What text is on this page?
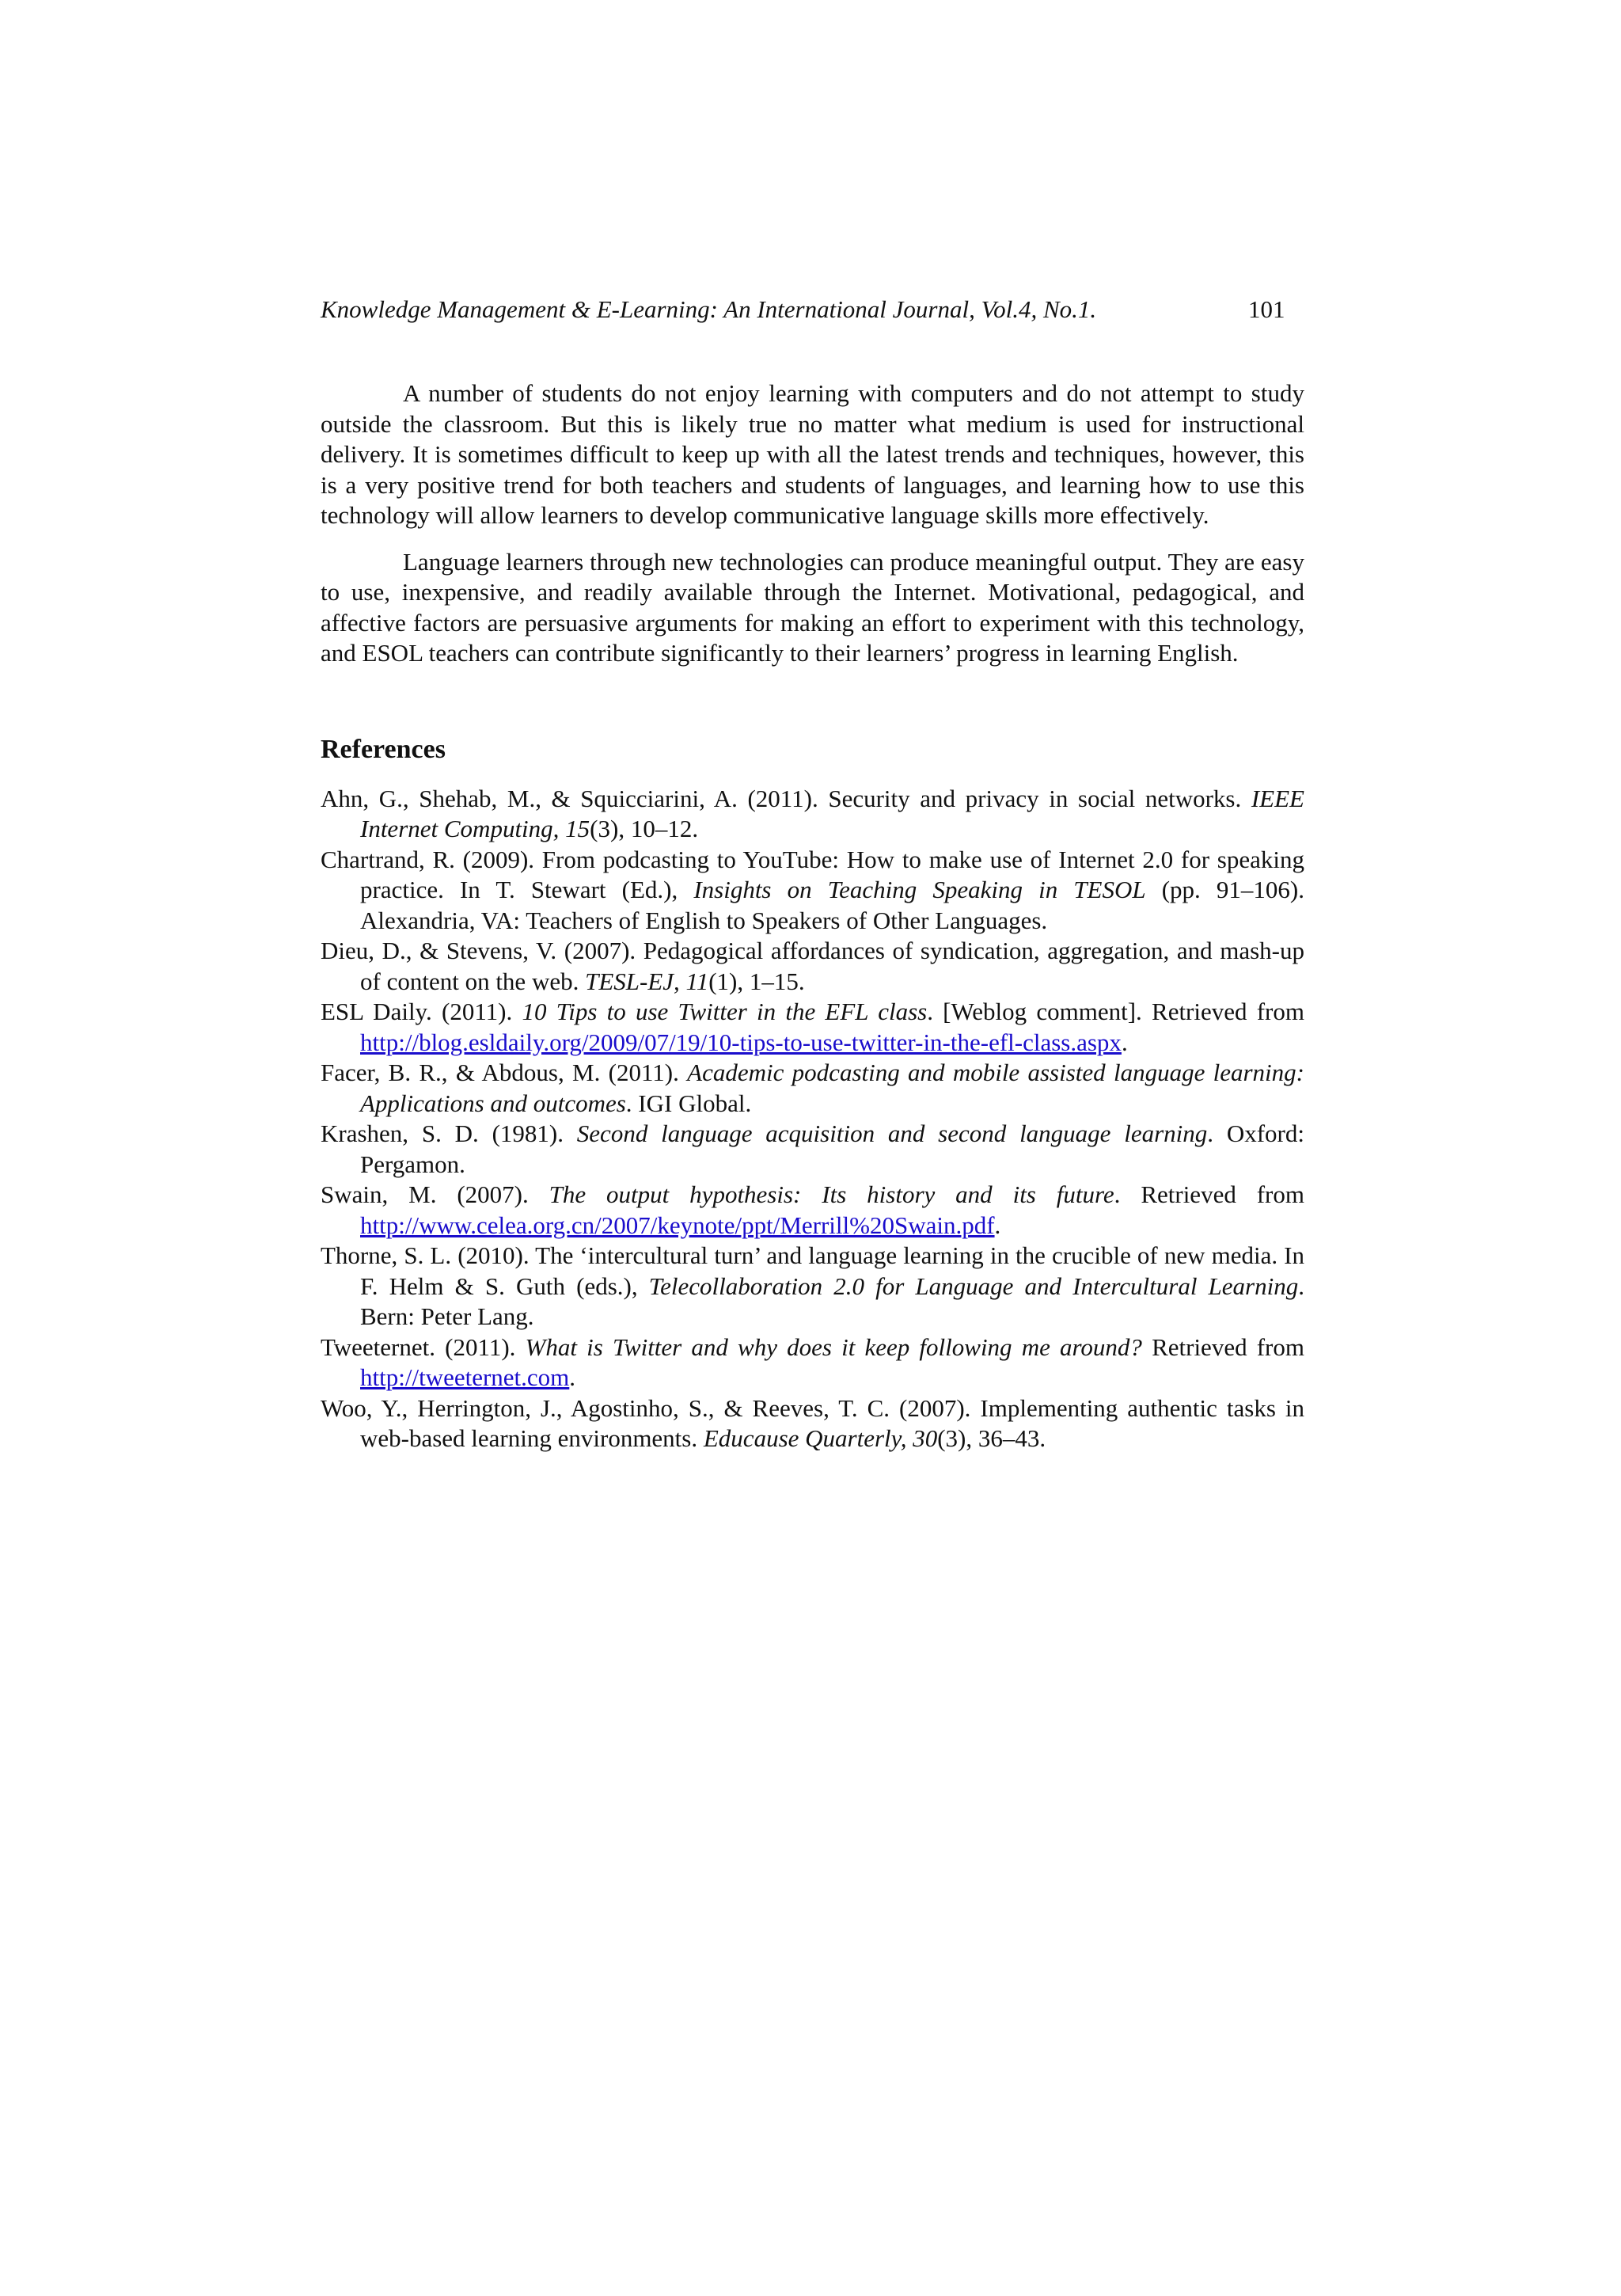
Knowledge Management & E-Learning: An International Journal, Vol.4, No.1.	101

A number of students do not enjoy learning with computers and do not attempt to study outside the classroom. But this is likely true no matter what medium is used for instructional delivery. It is sometimes difficult to keep up with all the latest trends and techniques, however, this is a very positive trend for both teachers and students of languages, and learning how to use this technology will allow learners to develop communicative language skills more effectively.

Language learners through new technologies can produce meaningful output. They are easy to use, inexpensive, and readily available through the Internet. Motivational, pedagogical, and affective factors are persuasive arguments for making an effort to experiment with this technology, and ESOL teachers can contribute significantly to their learners’ progress in learning English.

References

Ahn, G., Shehab, M., & Squicciarini, A. (2011). Security and privacy in social networks. IEEE Internet Computing, 15(3), 10–12.

Chartrand, R. (2009). From podcasting to YouTube: How to make use of Internet 2.0 for speaking practice. In T. Stewart (Ed.), Insights on Teaching Speaking in TESOL (pp. 91–106). Alexandria, VA: Teachers of English to Speakers of Other Languages.

Dieu, D., & Stevens, V. (2007). Pedagogical affordances of syndication, aggregation, and mash-up of content on the web. TESL-EJ, 11(1), 1–15.

ESL Daily. (2011). 10 Tips to use Twitter in the EFL class. [Weblog comment]. Retrieved from http://blog.esldaily.org/2009/07/19/10-tips-to-use-twitter-in-the-efl-class.aspx.

Facer, B. R., & Abdous, M. (2011). Academic podcasting and mobile assisted language learning: Applications and outcomes. IGI Global.

Krashen, S. D. (1981). Second language acquisition and second language learning. Oxford: Pergamon.

Swain, M. (2007). The output hypothesis: Its history and its future. Retrieved from http://www.celea.org.cn/2007/keynote/ppt/Merrill%20Swain.pdf.

Thorne, S. L. (2010). The ‘intercultural turn’ and language learning in the crucible of new media. In F. Helm & S. Guth (eds.), Telecollaboration 2.0 for Language and Intercultural Learning. Bern: Peter Lang.

Tweeternet. (2011). What is Twitter and why does it keep following me around? Retrieved from http://tweeternet.com.

Woo, Y., Herrington, J., Agostinho, S., & Reeves, T. C. (2007). Implementing authentic tasks in web-based learning environments. Educause Quarterly, 30(3), 36–43.
